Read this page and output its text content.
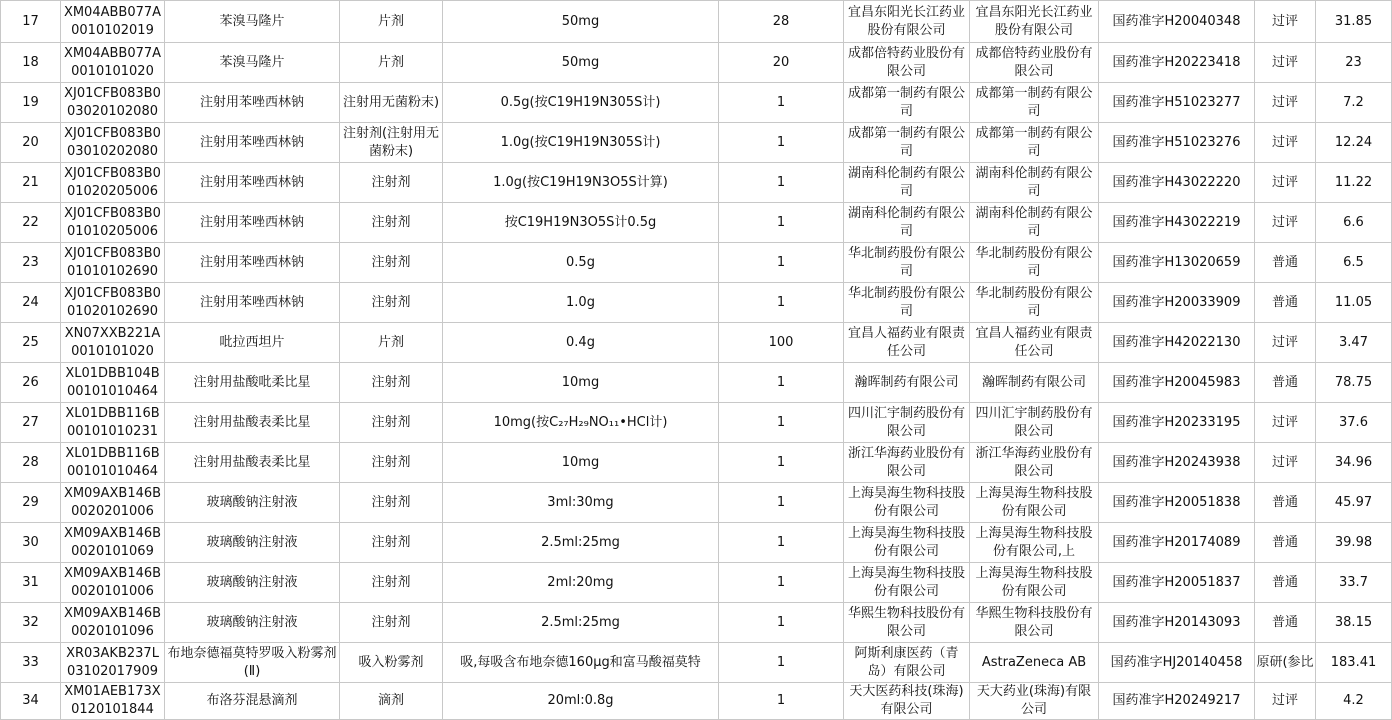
17	XM04ABB077A0010102019	苯溴马隆片	片剂	50mg	28	宜昌东阳光长江药业股份有限公司	宜昌东阳光长江药业股份有限公司	国药准字H20040348	过评	31.85
18	XM04ABB077A0010101020	苯溴马隆片	片剂	50mg	20	成都倍特药业股份有限公司	成都倍特药业股份有限公司	国药准字H20223418	过评	23
19	XJ01CFB083B003020102080	注射用苯唑西林钠	注射用无菌粉末)	0.5g(按C19H19N305S计)	1	成都第一制药有限公司	成都第一制药有限公司	国药准字H51023277	过评	7.2
20	XJ01CFB083B003010202080	注射用苯唑西林钠	注射剂(注射用无菌粉末)	1.0g(按C19H19N305S计)	1	成都第一制药有限公司	成都第一制药有限公司	国药准字H51023276	过评	12.24
21	XJ01CFB083B001020205006	注射用苯唑西林钠	注射剂	1.0g(按C19H19N3O5S计算)	1	湖南科伦制药有限公司	湖南科伦制药有限公司	国药准字H43022220	过评	11.22
22	XJ01CFB083B001010205006	注射用苯唑西林钠	注射剂	按C19H19N3O5S计0.5g	1	湖南科伦制药有限公司	湖南科伦制药有限公司	国药准字H43022219	过评	6.6
23	XJ01CFB083B001010102690	注射用苯唑西林钠	注射剂	0.5g	1	华北制药股份有限公司	华北制药股份有限公司	国药准字H13020659	普通	6.5
24	XJ01CFB083B001020102690	注射用苯唑西林钠	注射剂	1.0g	1	华北制药股份有限公司	华北制药股份有限公司	国药准字H20033909	普通	11.05
25	XN07XXB221A0010101020	吡拉西坦片	片剂	0.4g	100	宜昌人福药业有限责任公司	宜昌人福药业有限责任公司	国药准字H42022130	过评	3.47
26	XL01DBB104B00101010464	注射用盐酸吡柔比星	注射剂	10mg	1	瀚晖制药有限公司	瀚晖制药有限公司	国药准字H20045983	普通	78.75
27	XL01DBB116B00101010231	注射用盐酸表柔比星	注射剂	10mg(按C₂₇H₂₉NO₁₁•HCl计)	1	四川汇宇制药股份有限公司	四川汇宇制药股份有限公司	国药准字H20233195	过评	37.6
28	XL01DBB116B00101010464	注射用盐酸表柔比星	注射剂	10mg	1	浙江华海药业股份有限公司	浙江华海药业股份有限公司	国药准字H20243938	过评	34.96
29	XM09AXB146B0020201006	玻璃酸钠注射液	注射剂	3ml:30mg	1	上海昊海生物科技股份有限公司	上海昊海生物科技股份有限公司	国药准字H20051838	普通	45.97
30	XM09AXB146B0020101069	玻璃酸钠注射液	注射剂	2.5ml:25mg	1	上海昊海生物科技股份有限公司	上海昊海生物科技股份有限公司,上	国药准字H20174089	普通	39.98
31	XM09AXB146B0020101006	玻璃酸钠注射液	注射剂	2ml:20mg	1	上海昊海生物科技股份有限公司	上海昊海生物科技股份有限公司	国药准字H20051837	普通	33.7
32	XM09AXB146B0020101096	玻璃酸钠注射液	注射剂	2.5ml:25mg	1	华熙生物科技股份有限公司	华熙生物科技股份有限公司	国药准字H20143093	普通	38.15
33	XR03AKB237L03102017909	布地奈德福莫特罗吸入粉雾剂(Ⅱ)	吸入粉雾剂	吸,每吸含布地奈德160μg和富马酸福莫特	1	阿斯利康医药（青岛）有限公司	AstraZeneca AB	国药准字HJ20140458	原研(参比	183.41
34	XM01AEB173X0120101844	布洛芬混悬滴剂	滴剂	20ml:0.8g	1	天大医药科技(珠海)有限公司	天大药业(珠海)有限公司	国药准字H20249217	过评	4.2
